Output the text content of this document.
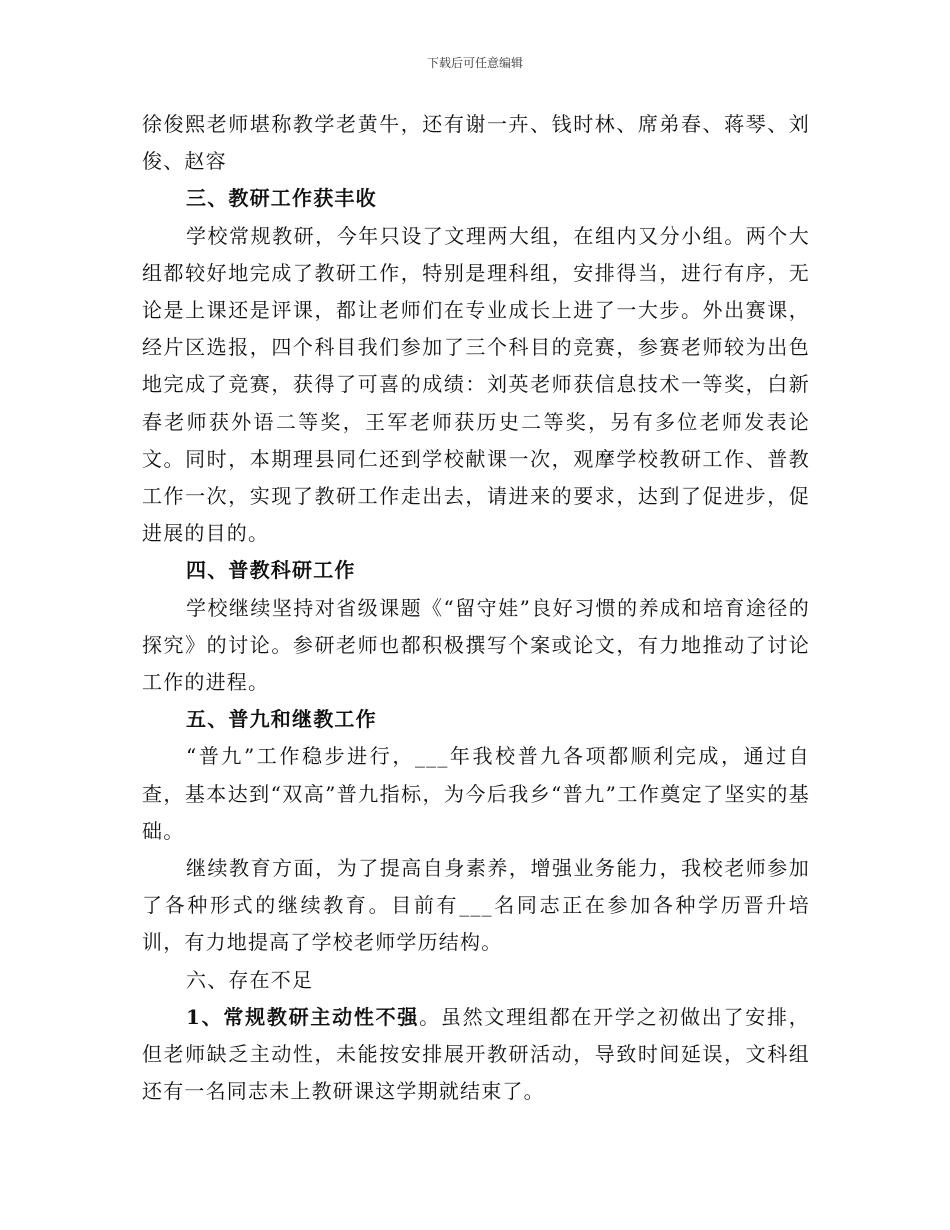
下载后可任意编辑

徐俊熙老师堪称教学老黄牛，还有谢一卉、钱时林、席弟春、蒋琴、刘俊、赵容

三、教研工作获丰收

学校常规教研，今年只设了文理两大组，在组内又分小组。两个大组都较好地完成了教研工作，特别是理科组，安排得当，进行有序，无论是上课还是评课，都让老师们在专业成长上进了一大步。外出赛课，经片区选报，四个科目我们参加了三个科目的竞赛，参赛老师较为出色地完成了竞赛，获得了可喜的成绩：刘英老师获信息技术一等奖，白新春老师获外语二等奖，王军老师获历史二等奖，另有多位老师发表论文。同时，本期理县同仁还到学校献课一次，观摩学校教研工作、普教工作一次，实现了教研工作走出去，请进来的要求，达到了促进步，促进展的目的。

四、普教科研工作

学校继续坚持对省级课题《“留守娃”良好习惯的养成和培育途径的探究》的讨论。参研老师也都积极撰写个案或论文，有力地推动了讨论工作的进程。

五、普九和继教工作

“普九”工作稳步进行，___年我校普九各项都顺利完成，通过自查，基本达到“双高”普九指标，为今后我乡“普九”工作奠定了坚实的基础。

继续教育方面，为了提高自身素养，增强业务能力，我校老师参加了各种形式的继续教育。目前有___名同志正在参加各种学历晋升培训，有力地提高了学校老师学历结构。

六、存在不足

1、常规教研主动性不强。虽然文理组都在开学之初做出了安排，但老师缺乏主动性，未能按安排展开教研活动，导致时间延误，文科组还有一名同志未上教研课这学期就结束了。
